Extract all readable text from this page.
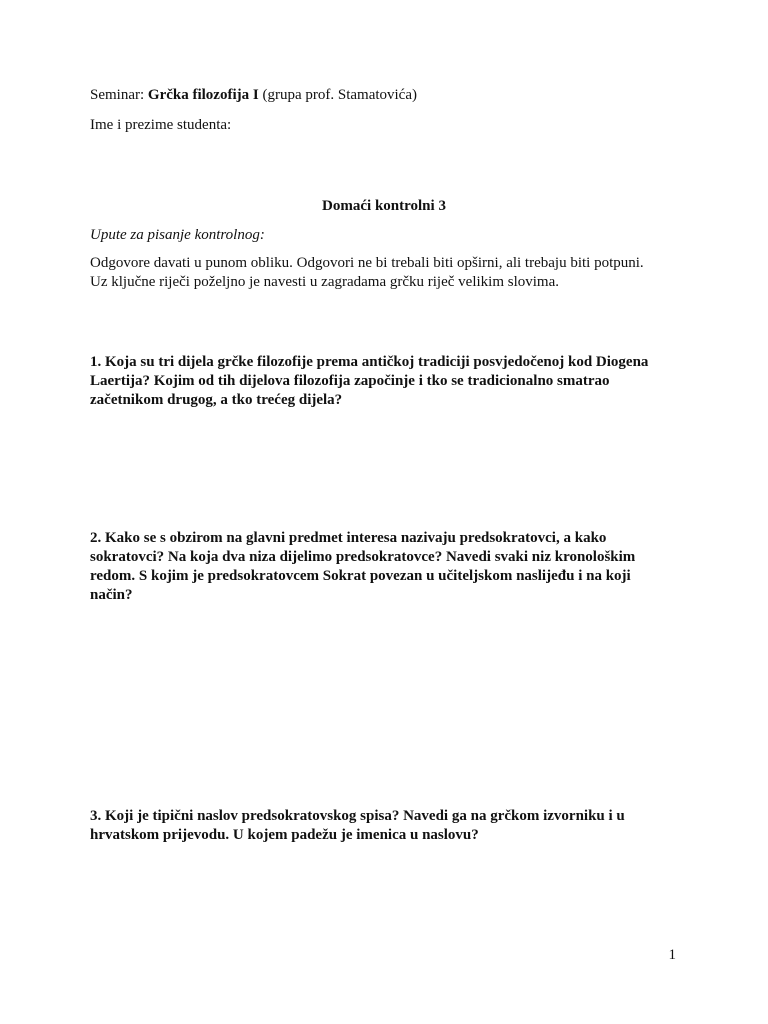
Seminar: Grčka filozofija I (grupa prof. Stamatovića)
Ime i prezime studenta:
Domaći kontrolni 3
Upute za pisanje kontrolnog:
Odgovore davati u punom obliku. Odgovori ne bi trebali biti opširni, ali trebaju biti potpuni.
Uz ključne riječi poželjno je navesti u zagradama grčku riječ velikim slovima.
1. Koja su tri dijela grčke filozofije prema antičkoj tradiciji posvjedočenoj kod Diogena
Laertija? Kojim od tih dijelova filozofija započinje i tko se tradicionalno smatrao
začetnikom drugog, a tko trećeg dijela?
2. Kako se s obzirom na glavni predmet interesa nazivaju predsokratovci, a kako
sokratovci? Na koja dva niza dijelimo predsokratovce? Navedi svaki niz kronološkim
redom. S kojim je predsokratovcem Sokrat povezan u učiteljskom naslijeđu i na koji
način?
3. Koji je tipični naslov predsokratovskog spisa? Navedi ga na grčkom izvorniku i u
hrvatskom prijevodu. U kojem padežu je imenica u naslovu?
1
